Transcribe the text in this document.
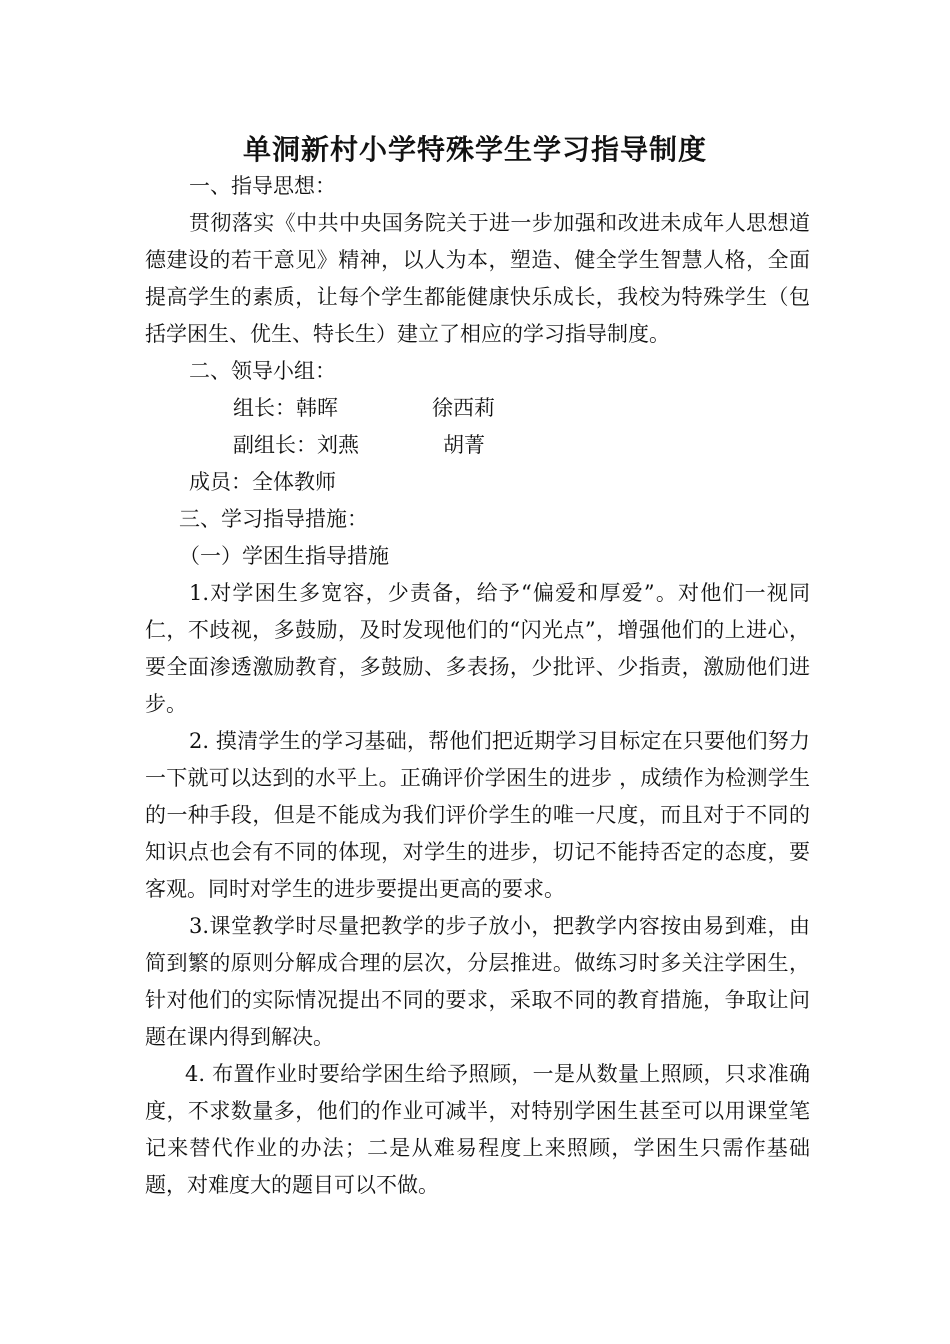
单洞新村小学特殊学生学习指导制度

一、指导思想：

贯彻落实《中共中央国务院关于进一步加强和改进未成年人思想道德建设的若干意见》精神，以人为本，塑造、健全学生智慧人格，全面提高学生的素质，让每个学生都能健康快乐成长，我校为特殊学生（包括学困生、优生、特长生）建立了相应的学习指导制度。

二、领导小组：

组长：韩晖	徐西莉

副组长：刘燕	胡菁

成员：全体教师

三、学习指导措施：

（一）学困生指导措施

1.对学困生多宽容，少责备，给予“偏爱和厚爱”。对他们一视同仁，不歧视，多鼓励，及时发现他们的“闪光点”，增强他们的上进心，要全面渗透激励教育，多鼓励、多表扬，少批评、少指责，激励他们进步。

2. 摸清学生的学习基础，帮他们把近期学习目标定在只要他们努力一下就可以达到的水平上。正确评价学困生的进步 ，成绩作为检测学生的一种手段，但是不能成为我们评价学生的唯一尺度，而且对于不同的知识点也会有不同的体现，对学生的进步，切记不能持否定的态度，要客观。同时对学生的进步要提出更高的要求。

3.课堂教学时尽量把教学的步子放小，把教学内容按由易到难，由简到繁的原则分解成合理的层次，分层推进。做练习时多关注学困生，针对他们的实际情况提出不同的要求，采取不同的教育措施，争取让问题在课内得到解决。

4. 布置作业时要给学困生给予照顾，一是从数量上照顾，只求准确度，不求数量多，他们的作业可减半，对特别学困生甚至可以用课堂笔记来替代作业的办法；二是从难易程度上来照顾，学困生只需作基础题，对难度大的题目可以不做。
